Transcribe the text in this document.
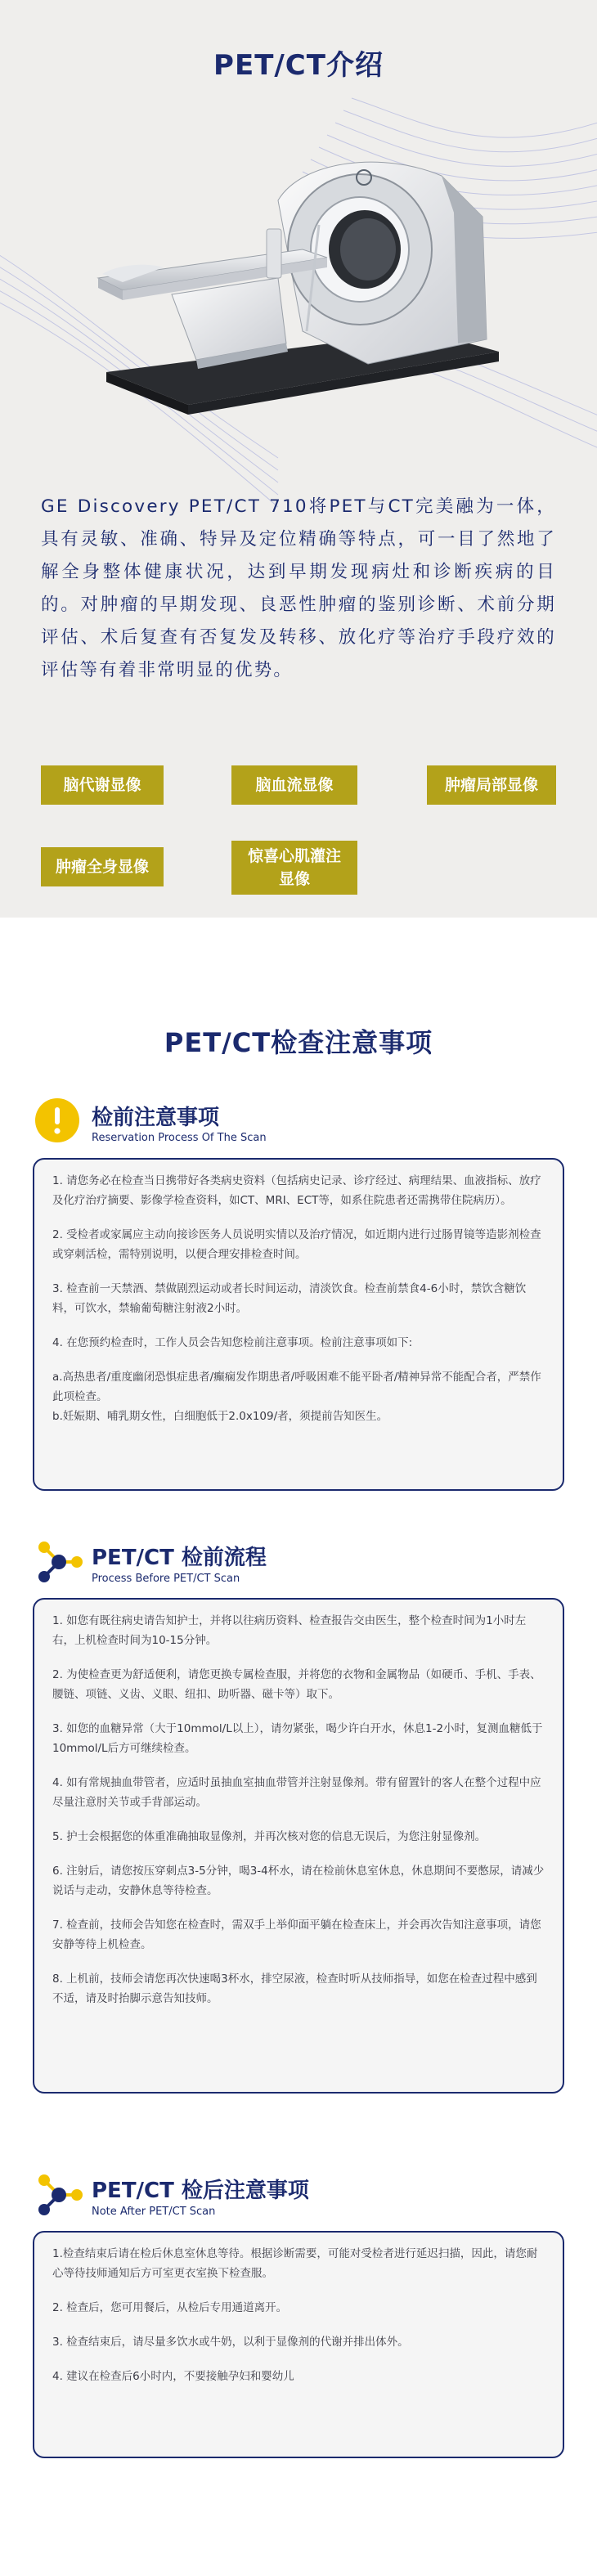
PET/CT介绍
GE Discovery PET/CT 710将PET与CT完美融为一体，具有灵敏、准确、特异及定位精确等特点，可一目了然地了解全身整体健康状况，达到早期发现病灶和诊断疾病的目的。对肿瘤的早期发现、良恶性肿瘤的鉴别诊断、术前分期评估、术后复查有否复发及转移、放化疗等治疗手段疗效的评估等有着非常明显的优势。
脑代谢显像	脑血流显像	肿瘤局部显像
肿瘤全身显像
惊喜心肌灌注显像
PET/CT检查注意事项
检前注意事项
Reservation Process Of The Scan

1. 请您务必在检查当日携带好各类病史资料（包括病史记录、诊疗经过、病理结果、血液指标、放疗及化疗治疗摘要、影像学检查资料，如CT、MRI、ECT等，如系住院患者还需携带住院病历）。

2. 受检者或家属应主动向接诊医务人员说明实情以及治疗情况，如近期内进行过肠胃镜等造影剂检查或穿刺活检，需特别说明，以便合理安排检查时间。

3. 检查前一天禁酒、禁做剧烈运动或者长时间运动，清淡饮食。检查前禁食4-6小时，禁饮含糖饮料，可饮水，禁输葡萄糖注射液2小时。

4. 在您预约检查时，工作人员会告知您检前注意事项。检前注意事项如下:

a.高热患者/重度幽闭恐惧症患者/癫痫发作期患者/呼吸困难不能平卧者/精神异常不能配合者，严禁作此项检查。

b.妊娠期、哺乳期女性，白细胞低于2.0x109/者，须提前告知医生。

PET/CT 检前流程
Process Before PET/CT Scan

1. 如您有既往病史请告知护士，并将以往病历资料、检查报告交由医生，整个检查时间为1小时左右，上机检查时间为10-15分钟。

2. 为使检查更为舒适便利，请您更换专属检查服，并将您的衣物和金属物品（如硬币、手机、手表、腰链、项链、义齿、义眼、纽扣、助听器、磁卡等）取下。

3. 如您的血糖异常（大于10mmol/L以上），请勿紧张，喝少许白开水，休息1-2小时，复测血糖低于10mmol/L后方可继续检查。

4. 如有常规抽血带管者，应适时虽抽血室抽血带管并注射显像剂。带有留置针的客人在整个过程中应尽量注意肘关节或手背部运动。

5. 护士会根据您的体重准确抽取显像剂，并再次核对您的信息无误后，为您注射显像剂。

6. 注射后，请您按压穿刺点3-5分钟，喝3-4杯水，请在检前休息室休息，休息期间不要憋尿，请减少说话与走动，安静休息等待检查。

7. 检查前，技师会告知您在检查时，需双手上举仰面平躺在检查床上，并会再次告知注意事项，请您安静等待上机检查。

8. 上机前，技师会请您再次快速喝3杯水，排空尿液，检查时听从技师指导，如您在检查过程中感到不适，请及时抬脚示意告知技师。

PET/CT 检后注意事项
Note After PET/CT Scan

1.检查结束后请在检后休息室休息等待。根据诊断需要，可能对受检者进行延迟扫描，因此，请您耐心等待技师通知后方可室更衣室换下检查服。

2. 检查后，您可用餐后，从检后专用通道离开。

3. 检查结束后，请尽量多饮水或牛奶，以利于显像剂的代谢并排出体外。

4. 建议在检查后6小时内，不要接触孕妇和婴幼儿
